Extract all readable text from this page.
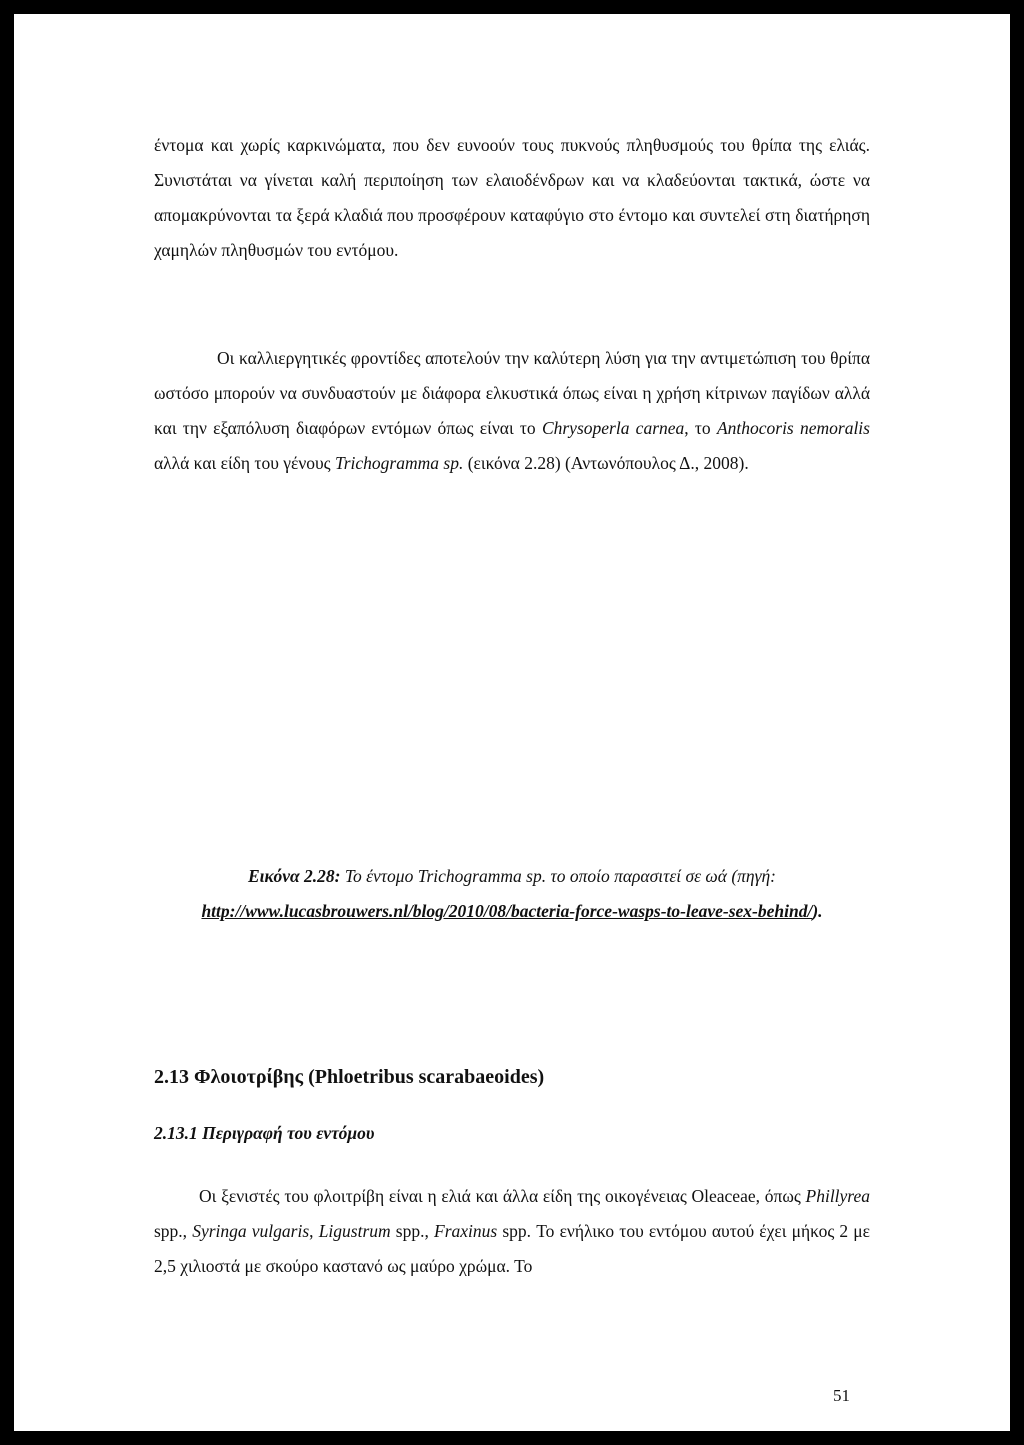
έντομα και χωρίς καρκινώματα, που δεν ευνοούν τους πυκνούς πληθυσμούς του θρίπα της ελιάς. Συνιστάται να γίνεται καλή περιποίηση των ελαιοδένδρων και να κλαδεύονται τακτικά, ώστε να απομακρύνονται τα ξερά κλαδιά που προσφέρουν καταφύγιο στο έντομο και συντελεί στη διατήρηση χαμηλών πληθυσμών του εντόμου.
Οι καλλιεργητικές φροντίδες αποτελούν την καλύτερη λύση για την αντιμετώπιση του θρίπα ωστόσο μπορούν να συνδυαστούν με διάφορα ελκυστικά όπως είναι η χρήση κίτρινων παγίδων αλλά και την εξαπόλυση διαφόρων εντόμων όπως είναι το Chrysoperla carnea, το Anthocoris nemoralis αλλά και είδη του γένους Trichogramma sp. (εικόνα 2.28) (Αντωνόπουλος Δ., 2008).
Εικόνα 2.28: Το έντομο Trichogramma sp. το οποίο παρασιτεί σε ωά (πηγή: http://www.lucasbrouwers.nl/blog/2010/08/bacteria-force-wasps-to-leave-sex-behind/).
2.13 Φλοιοτρίβης (Phloetribus scarabaeoides)
2.13.1 Περιγραφή του εντόμου
Οι ξενιστές του φλοιτρίβη είναι η ελιά και άλλα είδη της οικογένειας Oleaceae, όπως Phillyrea spp., Syringa vulgaris, Ligustrum spp., Fraxinus spp. Το ενήλικο του εντόμου αυτού έχει μήκος 2 με 2,5 χιλιοστά με σκούρο καστανό ως μαύρο χρώμα. Το
51
